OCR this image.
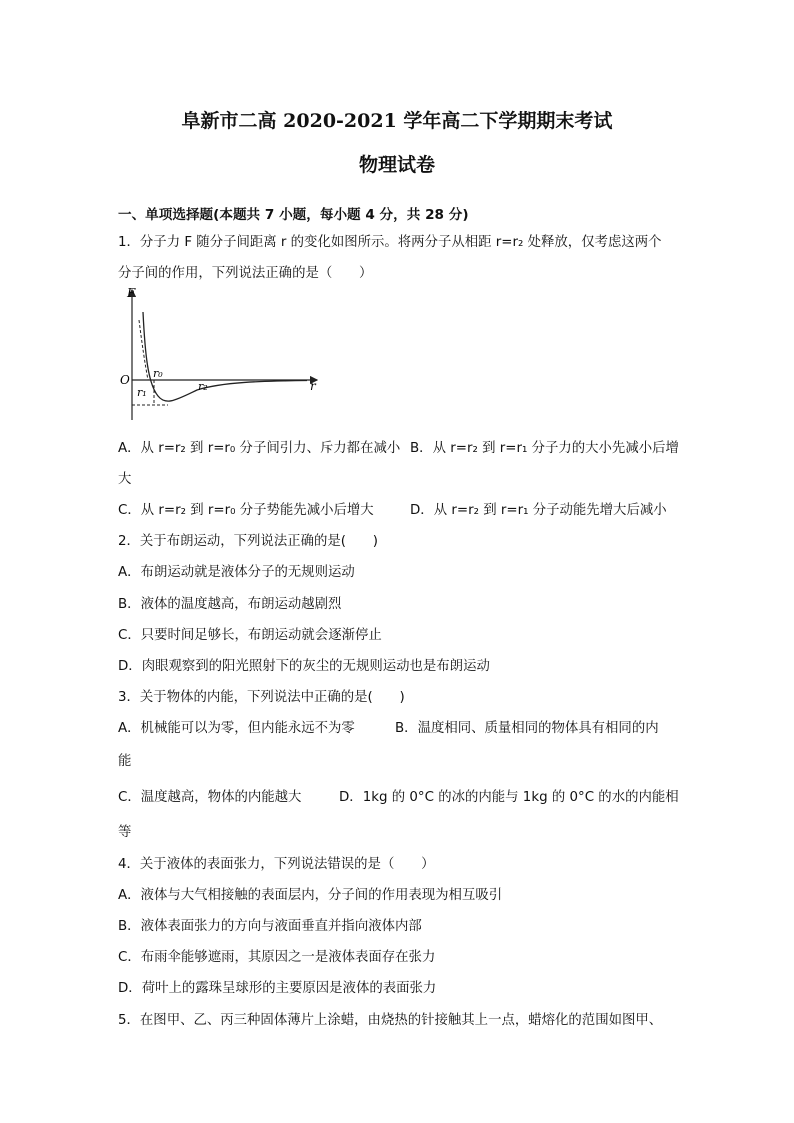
阜新市二高 2020-2021 学年高二下学期期末考试
物理试卷
一、单项选择题(本题共 7 小题，每小题 4 分，共 28 分)
1．分子力 F 随分子间距离 r 的变化如图所示。将两分子从相距 r=r₂ 处释放，仅考虑这两个
分子间的作用，下列说法正确的是（　　）
F
O	r
r₀
r₁	r₂
A．从 r=r₂ 到 r=r₀ 分子间引力、斥力都在减小 B．从 r=r₂ 到 r=r₁ 分子力的大小先减小后增
大
C．从 r=r₂ 到 r=r₀ 分子势能先减小后增大	D．从 r=r₂ 到 r=r₁ 分子动能先增大后减小
2．关于布朗运动，下列说法正确的是(　　)
A．布朗运动就是液体分子的无规则运动
B．液体的温度越高，布朗运动越剧烈
C．只要时间足够长，布朗运动就会逐渐停止
D．肉眼观察到的阳光照射下的灰尘的无规则运动也是布朗运动
3．关于物体的内能，下列说法中正确的是(　　)
A．机械能可以为零，但内能永远不为零	B．温度相同、质量相同的物体具有相同的内
能
C．温度越高，物体的内能越大	D．1kg 的 0°C 的冰的内能与 1kg 的 0°C 的水的内能相
等
4．关于液体的表面张力，下列说法错误的是（　　）
A．液体与大气相接触的表面层内，分子间的作用表现为相互吸引
B．液体表面张力的方向与液面垂直并指向液体内部
C．布雨伞能够遮雨，其原因之一是液体表面存在张力
D．荷叶上的露珠呈球形的主要原因是液体的表面张力
5．在图甲、乙、丙三种固体薄片上涂蜡，由烧热的针接触其上一点，蜡熔化的范围如图甲、
